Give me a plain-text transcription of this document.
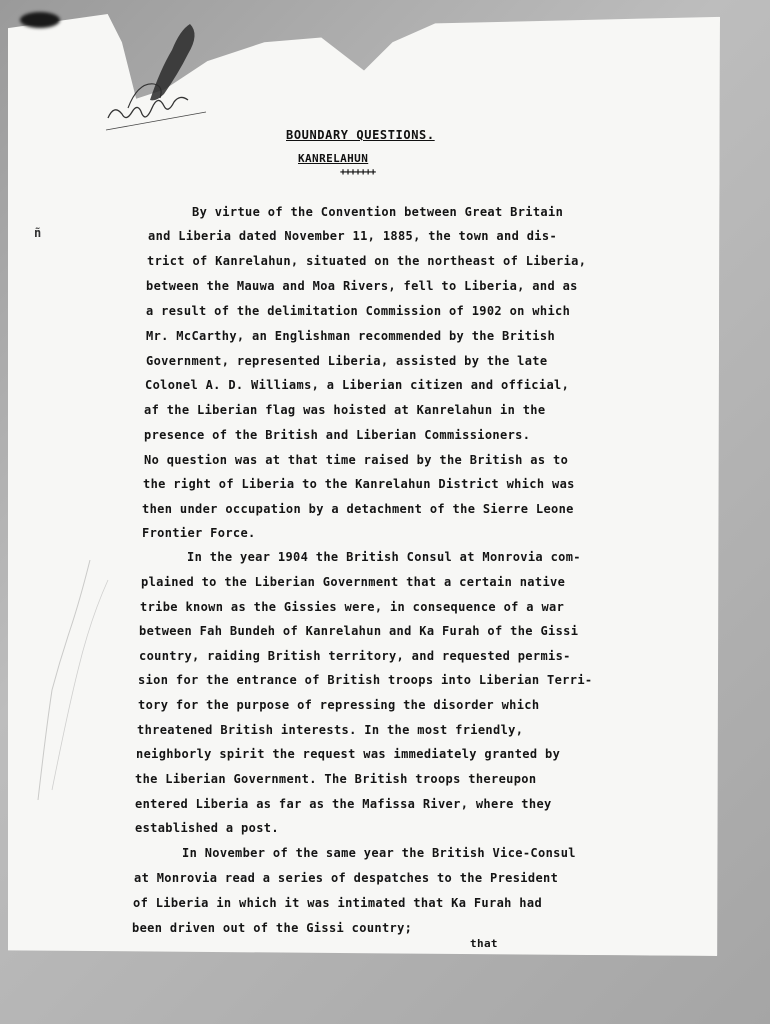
ñ
BOUNDARY QUESTIONS.
KANRELAHUN
+++++++
By virtue of the Convention between Great Britain
and Liberia dated November 11, 1885, the town and dis-
trict of Kanrelahun, situated on the northeast of Liberia,
between the Mauwa and Moa Rivers, fell to Liberia, and as
a result of the delimitation Commission of 1902 on which
Mr. McCarthy, an Englishman recommended by the British
Government, represented Liberia, assisted by the late
Colonel A. D. Williams, a Liberian citizen and official,
af the Liberian flag was hoisted at Kanrelahun in the
presence of the British and Liberian Commissioners.
No question was at that time raised by the British as to
the right of Liberia to the Kanrelahun District which was
then under occupation by a detachment of the Sierre Leone
Frontier Force.
In the year 1904 the British Consul at Monrovia com-
plained to the Liberian Government that a certain native
tribe known as the Gissies were, in consequence of a war
between Fah Bundeh of Kanrelahun and Ka Furah of the Gissi
country, raiding British territory, and requested permis-
sion for the entrance of British troops into Liberian Terri-
tory for the purpose of repressing the disorder which
threatened British interests. In the most friendly,
neighborly spirit the request was immediately granted by
the Liberian Government. The British troops thereupon
entered Liberia as far as the Mafissa River, where they
established a post.
In November of the same year the British Vice-Consul
at Monrovia read a series of despatches to the President
of Liberia in which it was intimated that Ka Furah had
been driven out of the Gissi country;
that
